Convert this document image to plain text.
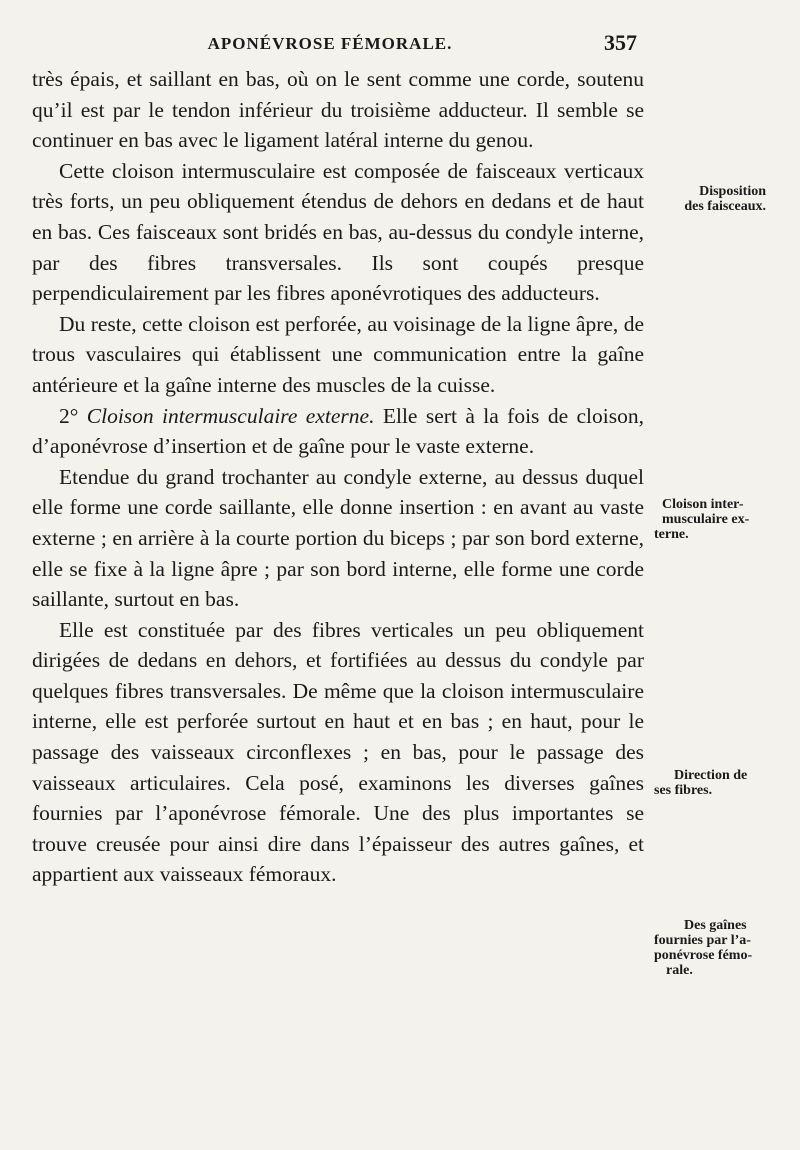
APONÉVROSE FÉMORALE.	357

très épais, et saillant en bas, où on le sent comme une corde, soutenu qu’il est par le tendon inférieur du troisième adducteur. Il semble se continuer en bas avec le ligament latéral interne du genou.

Cette cloison intermusculaire est composée de faisceaux verticaux très forts, un peu obliquement étendus de dehors en dedans et de haut en bas. Ces faisceaux sont bridés en bas, au-dessus du condyle interne, par des fibres transversales. Ils sont coupés presque perpendiculairement par les fibres aponévrotiques des adducteurs.

Du reste, cette cloison est perforée, au voisinage de la ligne âpre, de trous vasculaires qui établissent une communication entre la gaîne antérieure et la gaîne interne des muscles de la cuisse.

2° Cloison intermusculaire externe. Elle sert à la fois de cloison, d’aponévrose d’insertion et de gaîne pour le vaste externe.

Etendue du grand trochanter au condyle externe, au dessus duquel elle forme une corde saillante, elle donne insertion : en avant au vaste externe ; en arrière à la courte portion du biceps ; par son bord externe, elle se fixe à la ligne âpre ; par son bord interne, elle forme une corde saillante, surtout en bas.

Elle est constituée par des fibres verticales un peu obliquement dirigées de dedans en dehors, et fortifiées au dessus du condyle par quelques fibres transversales. De même que la cloison intermusculaire interne, elle est perforée surtout en haut et en bas ; en haut, pour le passage des vaisseaux circonflexes ; en bas, pour le passage des vaisseaux articulaires. Cela posé, examinons les diverses gaînes fournies par l’aponévrose fémorale. Une des plus importantes se trouve creusée pour ainsi dire dans l’épaisseur des autres gaînes, et appartient aux vaisseaux fémoraux.

Disposition
des faisceaux.
Cloison inter-
musculaire ex-
terne.
Direction de
ses fibres.
Des gaînes
fournies par l’a-
ponévrose fémo-
rale.
